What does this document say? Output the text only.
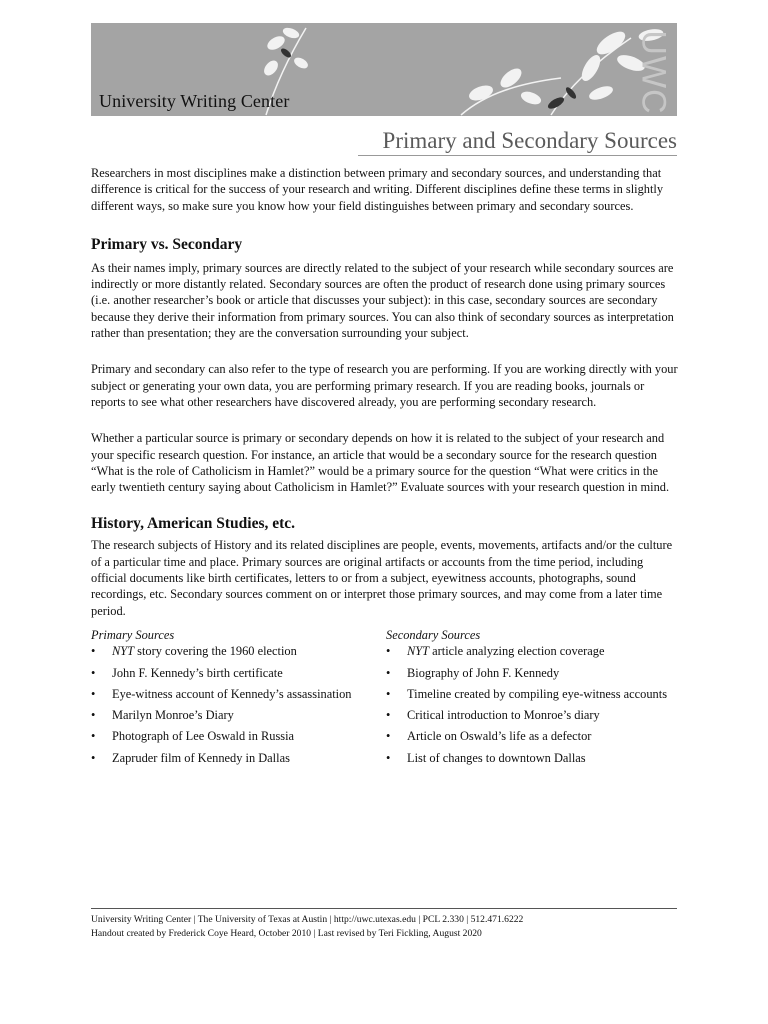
University Writing Center	UWC
Primary and Secondary Sources

Researchers in most disciplines make a distinction between primary and secondary sources, and understanding that difference is critical for the success of your research and writing. Different disciplines define these terms in slightly different ways, so make sure you know how your field distinguishes between primary and secondary sources.

Primary vs. Secondary

As their names imply, primary sources are directly related to the subject of your research while secondary sources are indirectly or more distantly related. Secondary sources are often the product of research done using primary sources (i.e. another researcher’s book or article that discusses your subject): in this case, secondary sources are secondary because they derive their information from primary sources. You can also think of secondary sources as interpretation rather than presentation; they are the conversation surrounding your subject.

Primary and secondary can also refer to the type of research you are performing. If you are working directly with your subject or generating your own data, you are performing primary research. If you are reading books, journals or reports to see what other researchers have discovered already, you are performing secondary research.

Whether a particular source is primary or secondary depends on how it is related to the subject of your research and your specific research question. For instance, an article that would be a secondary source for the research question “What is the role of Catholicism in Hamlet?” would be a primary source for the question “What were critics in the early twentieth century saying about Catholicism in Hamlet?” Evaluate sources with your research question in mind.

History, American Studies, etc.

The research subjects of History and its related disciplines are people, events, movements, artifacts and/or the culture of a particular time and place. Primary sources are original artifacts or accounts from the time period, including official documents like birth certificates, letters to or from a subject, eyewitness accounts, photographs, sound recordings, etc. Secondary sources comment on or interpret those primary sources, and may come from a later time period.

Primary Sources

• NYT story covering the 1960 election
• John F. Kennedy’s birth certificate
• Eye-witness account of Kennedy’s assassination
• Marilyn Monroe’s Diary
• Photograph of Lee Oswald in Russia
• Zapruder film of Kennedy in Dallas

Secondary Sources

• NYT article analyzing election coverage
• Biography of John F. Kennedy
• Timeline created by compiling eye-witness accounts
• Critical introduction to Monroe’s diary
• Article on Oswald’s life as a defector
• List of changes to downtown Dallas
University Writing Center | The University of Texas at Austin | http://uwc.utexas.edu | PCL 2.330 | 512.471.6222
Handout created by Frederick Coye Heard, October 2010 | Last revised by Teri Fickling, August 2020
